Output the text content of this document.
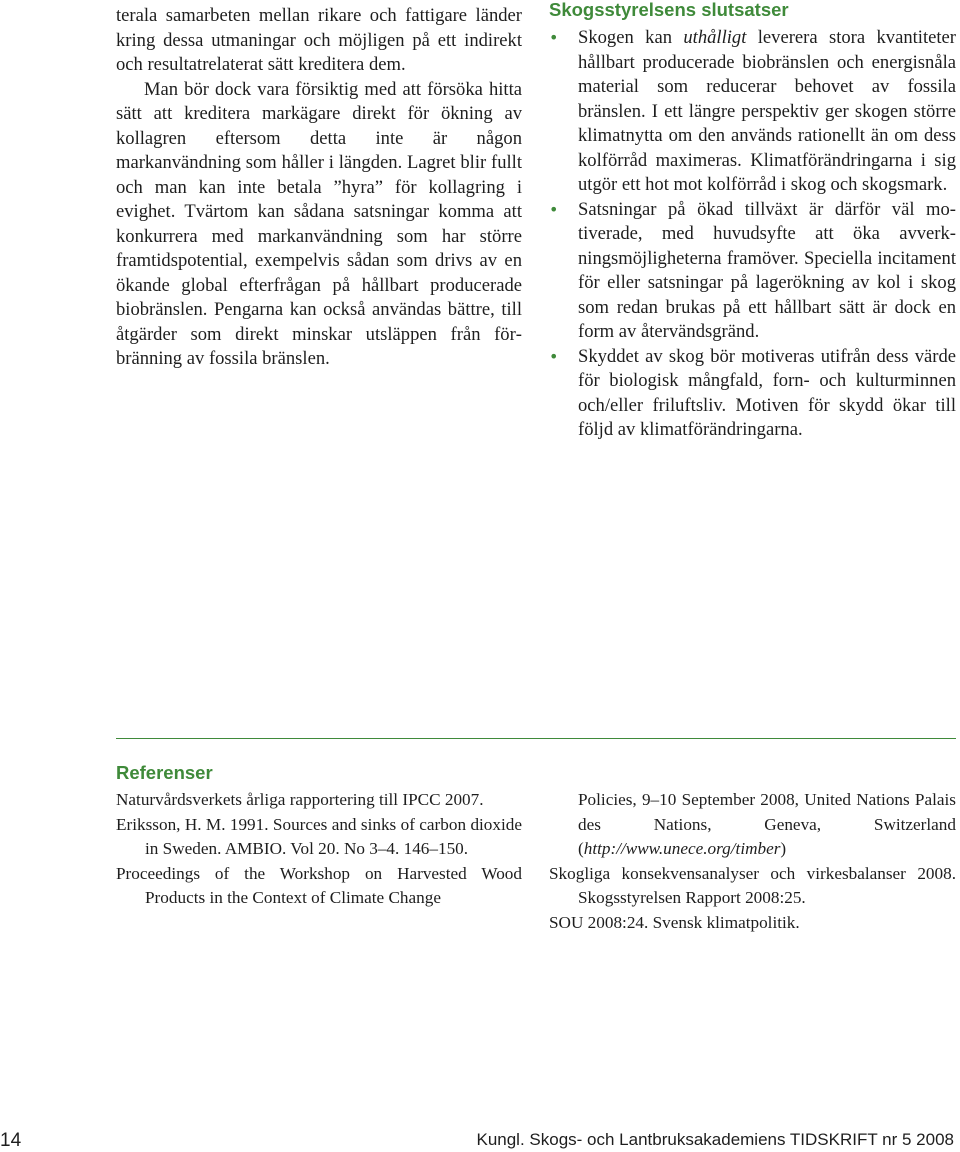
terala samarbeten mellan rikare och fattigare länder kring dessa utmaningar och möjligen på ett indirekt och resultatrelaterat sätt kreditera dem.

Man bör dock vara försiktig med att försöka hitta sätt att kreditera markägare direkt för ökning av kollagren eftersom detta inte är någon markanvändning som håller i längden. Lagret blir fullt och man kan inte betala ”hyra” för kollagring i evighet. Tvärtom kan sådana satsningar komma att konkurrera med markanvändning som har större framtidspotential, exempelvis sådan som drivs av en ökande global efterfrågan på hållbart producerade biobränslen. Pengarna kan också användas bättre, till åtgärder som direkt minskar utsläppen från förbränning av fossila bränslen.

Skogsstyrelsens slutsatser
• Skogen kan uthålligt leverera stora kvantiteter hållbart producerade biobränslen och energisnåla material som reducerar behovet av fossila bränslen. I ett längre perspektiv ger skogen större klimatnytta om den används rationellt än om dess kolförråd maximeras. Klimatförändringarna i sig utgör ett hot mot kolförråd i skog och skogsmark.
• Satsningar på ökad tillväxt är därför väl motiverade, med huvudsyfte att öka avverkningsmöjligheterna framöver. Speciella incitament för eller satsningar på lagerökning av kol i skog som redan brukas på ett hållbart sätt är dock en form av återvändsgränd.
• Skyddet av skog bör motiveras utifrån dess värde för biologisk mångfald, forn- och kulturminnen och/eller friluftsliv. Motiven för skydd ökar till följd av klimatförändringarna.
Referenser

Naturvårdsverkets årliga rapportering till IPCC 2007.

Eriksson, H. M. 1991. Sources and sinks of carbon dioxide in Sweden. AMBIO. Vol 20. No 3–4. 146–150.

Proceedings of the Workshop on Harvested Wood Products in the Context of Climate Change

Policies, 9–10 September 2008, United Nations Palais des Nations, Geneva, Switzerland (http://www.unece.org/timber)

Skogliga konsekvensanalyser och virkesbalanser 2008. Skogsstyrelsen Rapport 2008:25.

SOU 2008:24. Svensk klimatpolitik.

14	Kungl. Skogs- och Lantbruksakademiens TIDSKRIFT nr 5 2008
